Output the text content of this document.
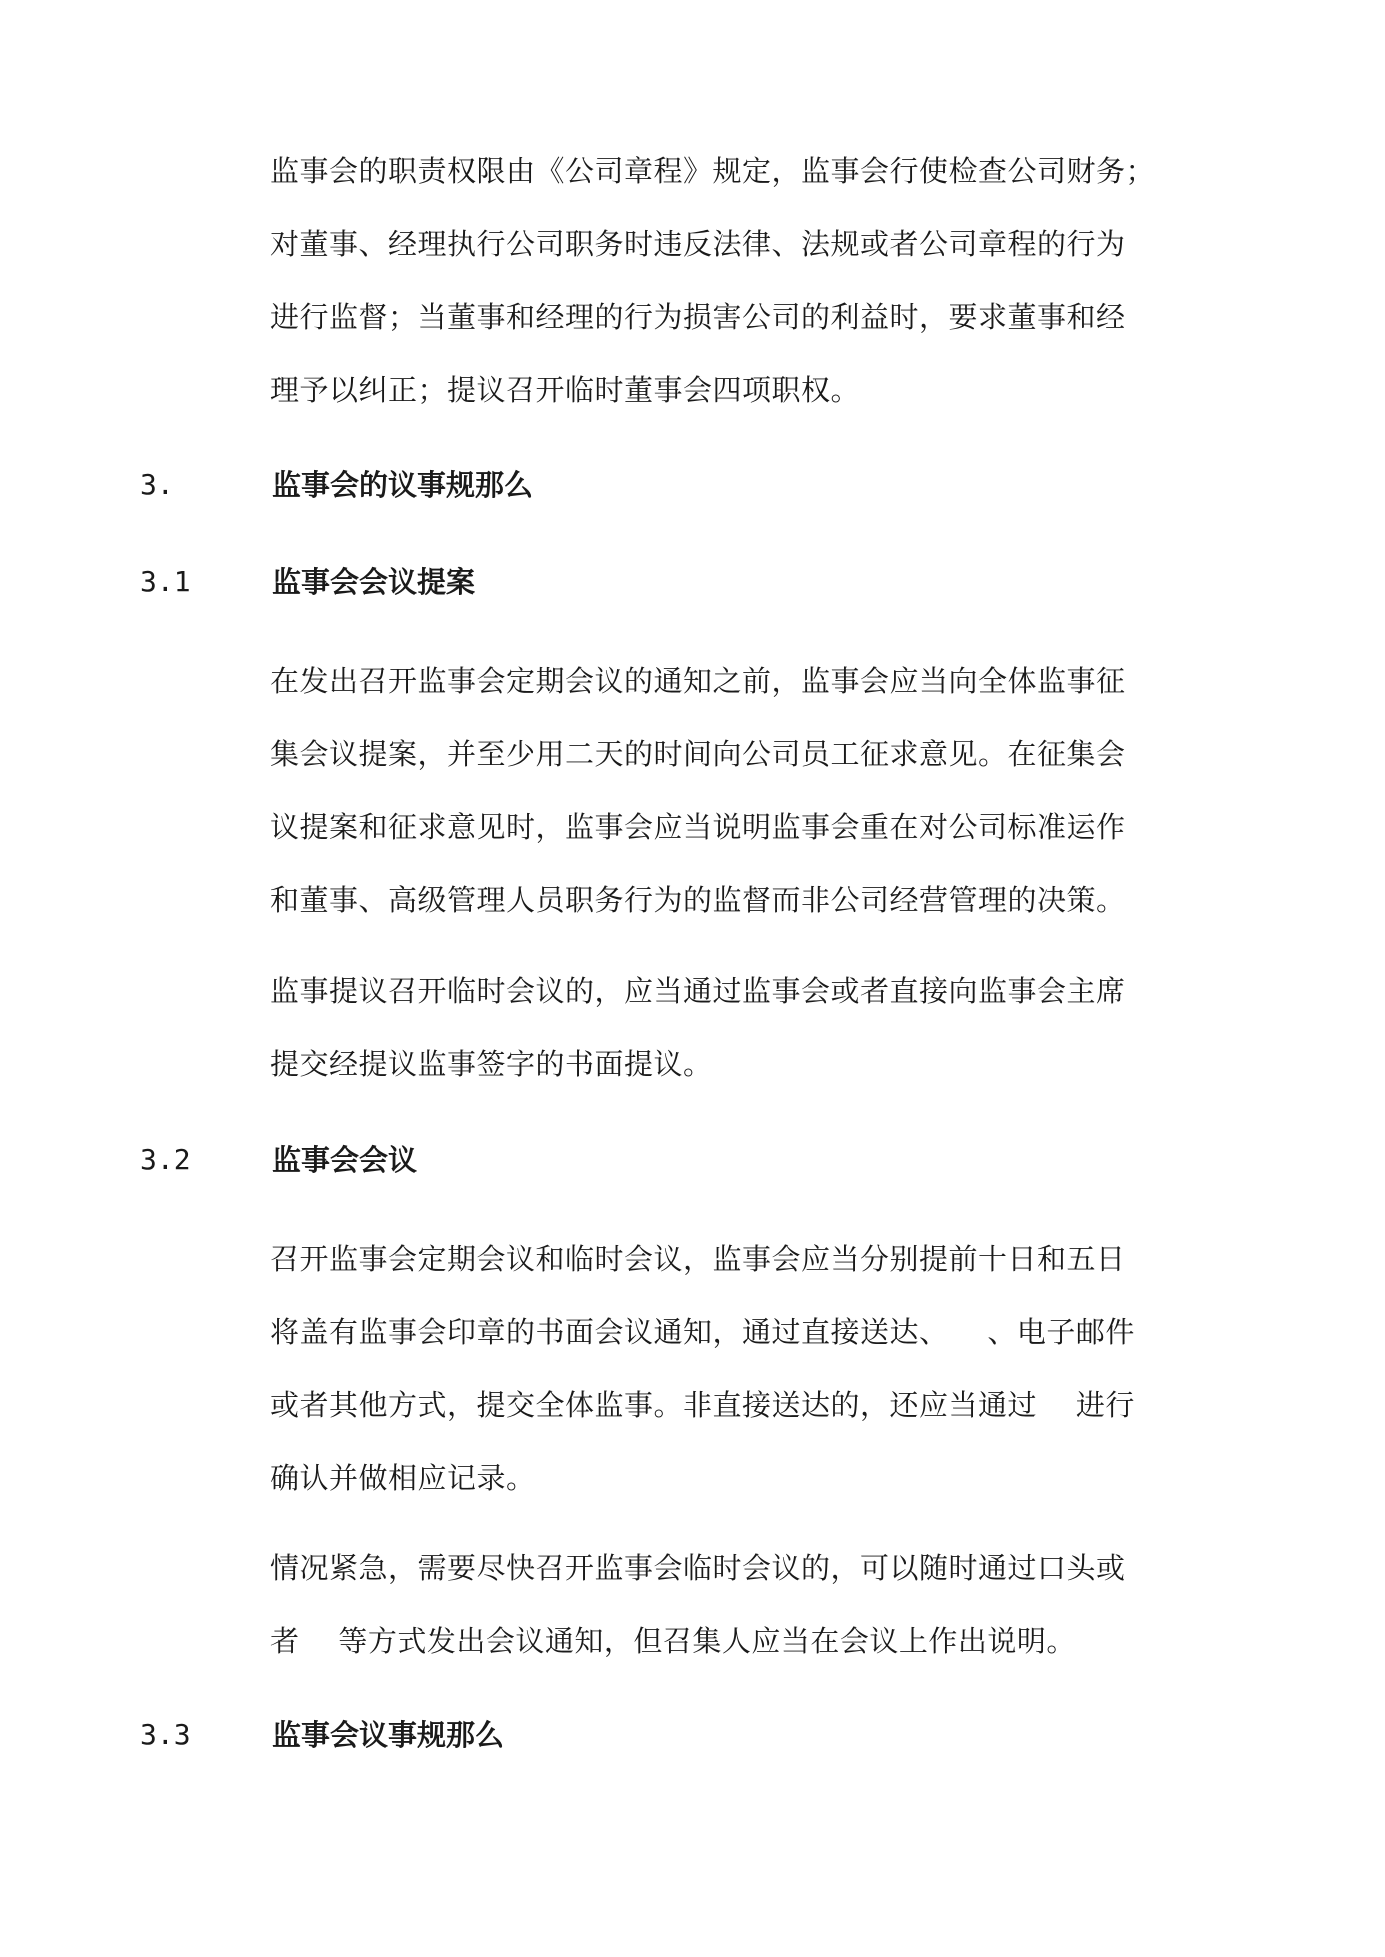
监事会的职责权限由《公司章程》规定，监事会行使检查公司财务；
对董事、经理执行公司职务时违反法律、法规或者公司章程的行为
进行监督；当董事和经理的行为损害公司的利益时，要求董事和经
理予以纠正；提议召开临时董事会四项职权。

3.	监事会的议事规那么
3.1	监事会会议提案

在发出召开监事会定期会议的通知之前，监事会应当向全体监事征
集会议提案，并至少用二天的时间向公司员工征求意见。在征集会
议提案和征求意见时，监事会应当说明监事会重在对公司标准运作
和董事、高级管理人员职务行为的监督而非公司经营管理的决策。

监事提议召开临时会议的，应当通过监事会或者直接向监事会主席
提交经提议监事签字的书面提议。

3.2	监事会会议

召开监事会定期会议和临时会议，监事会应当分别提前十日和五日
将盖有监事会印章的书面会议通知，通过直接送达、    、电子邮件
或者其他方式，提交全体监事。非直接送达的，还应当通过    进行
确认并做相应记录。

情况紧急，需要尽快召开监事会临时会议的，可以随时通过口头或
者    等方式发出会议通知，但召集人应当在会议上作出说明。

3.3	监事会议事规那么
